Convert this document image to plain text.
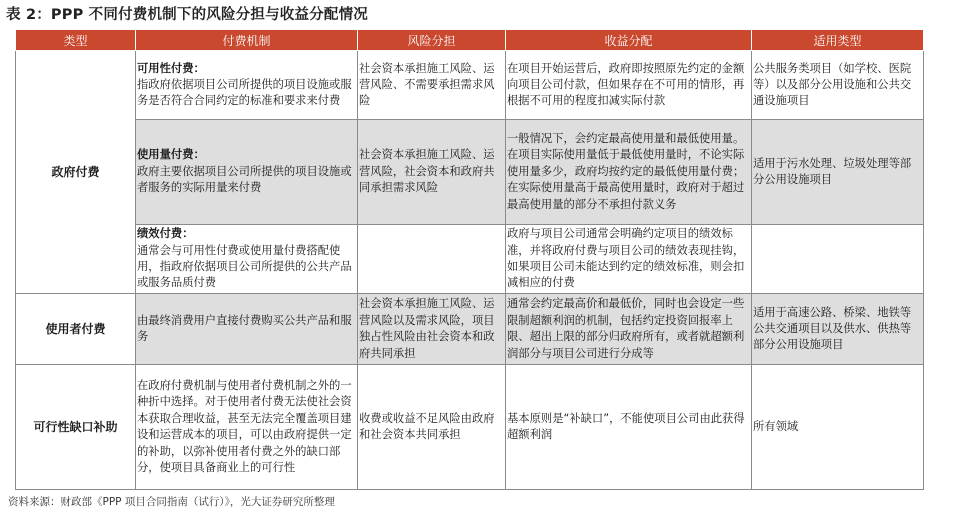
表 2：PPP 不同付费机制下的风险分担与收益分配情况
类型	付费机制	风险分担	收益分配	适用类型
政府付费	可用性付费：
指政府依据项目公司所提供的项目设施或服务是否符合合同约定的标准和要求来付费	社会资本承担施工风险、运营风险、不需要承担需求风险	在项目开始运营后，政府即按照原先约定的金额向项目公司付款，但如果存在不可用的情形，再根据不可用的程度扣减实际付款	公共服务类项目（如学校、医院等）以及部分公用设施和公共交通设施项目

	使用量付费：
政府主要依据项目公司所提供的项目设施或者服务的实际用量来付费	社会资本承担施工风险、运营风险，社会资本和政府共同承担需求风险	一般情况下，会约定最高使用量和最低使用量。在项目实际使用量低于最低使用量时，不论实际使用量多少，政府均按约定的最低使用量付费；在实际使用量高于最高使用量时，政府对于超过最高使用量的部分不承担付款义务	适用于污水处理、垃圾处理等部分公用设施项目

	绩效付费：
通常会与可用性付费或使用量付费搭配使用，指政府依据项目公司所提供的公共产品或服务品质付费		政府与项目公司通常会明确约定项目的绩效标准，并将政府付费与项目公司的绩效表现挂钩，如果项目公司未能达到约定的绩效标准，则会扣减相应的付费	
使用者付费	由最终消费用户直接付费购买公共产品和服务	社会资本承担施工风险、运营风险以及需求风险，项目独占性风险由社会资本和政府共同承担	通常会约定最高价和最低价，同时也会设定一些限制超额利润的机制，包括约定投资回报率上限、超出上限的部分归政府所有，或者就超额利润部分与项目公司进行分成等	适用于高速公路、桥梁、地铁等公共交通项目以及供水、供热等部分公用设施项目
可行性缺口补助	在政府付费机制与使用者付费机制之外的一种折中选择。对于使用者付费无法使社会资本获取合理收益，甚至无法完全覆盖项目建设和运营成本的项目，可以由政府提供一定的补助，以弥补使用者付费之外的缺口部分，使项目具备商业上的可行性	收费或收益不足风险由政府和社会资本共同承担	基本原则是“补缺口”，不能使项目公司由此获得超额利润	所有领域
资料来源：财政部《PPP 项目合同指南（试行）》，光大证券研究所整理
